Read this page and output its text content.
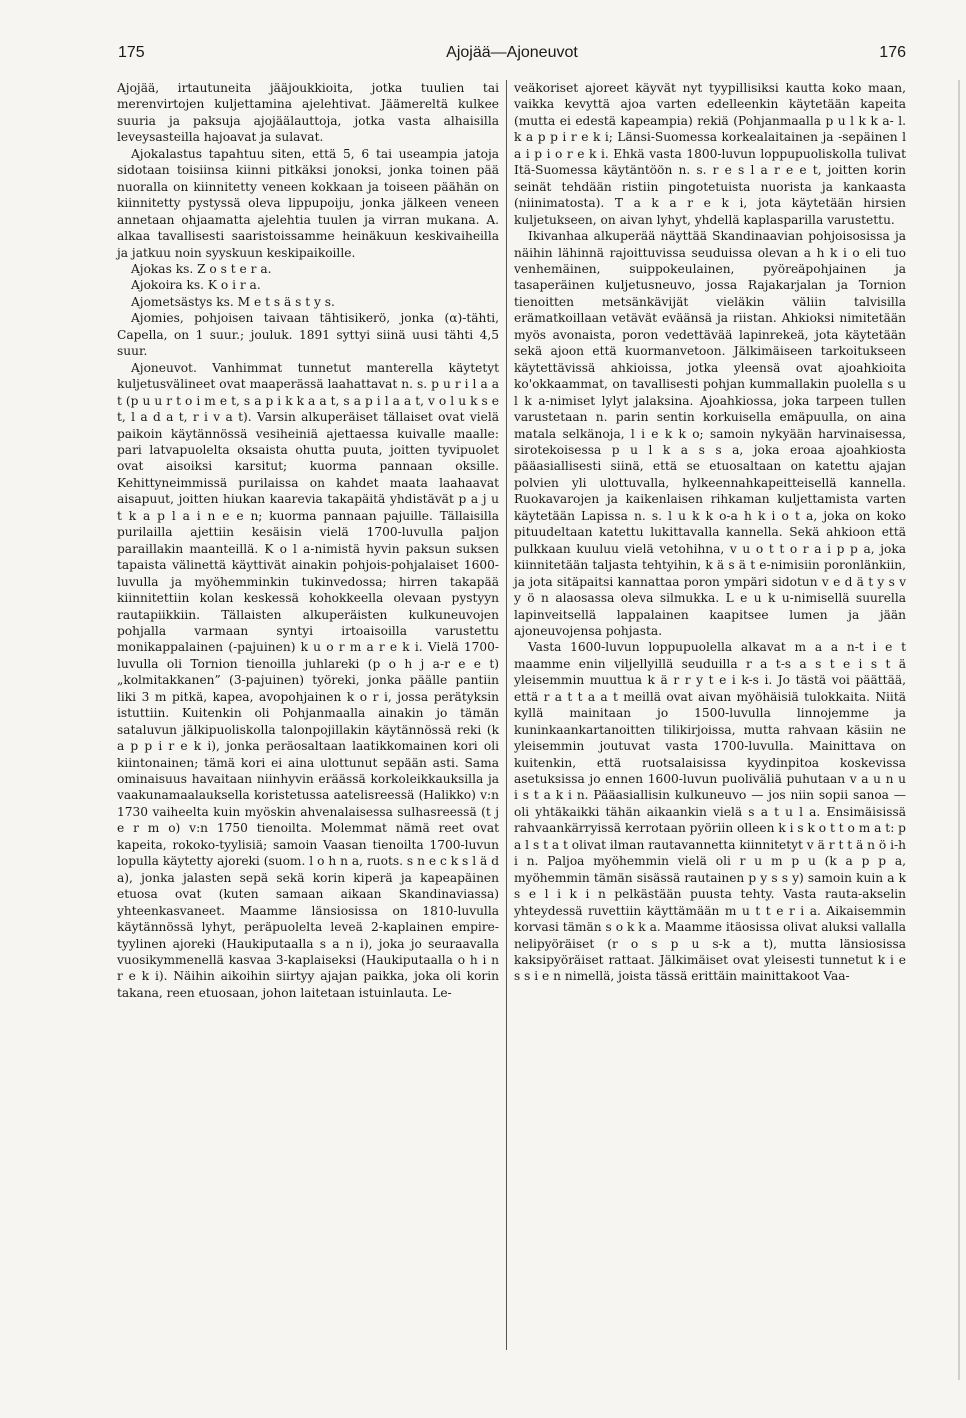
175	Ajojää—Ajoneuvot	176

Ajojää, irtautuneita jääjoukkioita, jotka tuulien tai merenvirtojen kuljettamina ajelehtivat. Jäämereltä kulkee suuria ja paksuja ajojäälauttoja, jotka vasta alhaisilla leveysasteilla hajoavat ja sulavat.

Ajokalastus tapahtuu siten, että 5, 6 tai useampia jatoja sidotaan toisiinsa kiinni pitkäksi jonoksi, jonka toinen pää nuoralla on kiinnitetty veneen kokkaan ja toiseen päähän on kiinnitetty pystyssä oleva lippupoiju, jonka jälkeen veneen annetaan ohjaamatta ajelehtia tuulen ja virran mukana. A. alkaa tavallisesti saaristoissamme heinäkuun keskivaiheilla ja jatkuu noin syyskuun keskipaikoille.

Ajokas ks. Z o s t e r a.

Ajokoira ks. K o i r a.

Ajometsästys ks. M e t s ä s t y s.

Ajomies, pohjoisen taivaan tähtisikerö, jonka (α)-tähti, Capella, on 1 suur.; jouluk. 1891 syttyi siinä uusi tähti 4,5 suur.

Ajoneuvot. Vanhimmat tunnetut manterella käytetyt kuljetusvälineet ovat maaperässä laahattavat n. s. p u r i l a a t (p u u r t o i m e t, s a p i k k a a t, s a p i l a a t, v o l u k s e t, l a d a t, r i v a t). Varsin alkuperäiset tällaiset ovat vielä paikoin käytännössä vesiheiniä ajettaessa kuivalle maalle: pari latvapuolelta oksaista ohutta puuta, joitten tyvipuolet ovat aisoiksi karsitut; kuorma pannaan oksille. Kehittyneimmissä purilaissa on kahdet maata laahaavat aisapuut, joitten hiukan kaarevia takapäitä yhdistävät p a j u t k a p l a i n e e n; kuorma pannaan pajuille. Tällaisilla purilailla ajettiin kesäisin vielä 1700-luvulla paljon paraillakin maanteillä. K o l a-nimistä hyvin paksun suksen tapaista välinettä käyttivät ainakin pohjois-pohjalaiset 1600-luvulla ja myöhemminkin tukinvedossa; hirren takapää kiinnitettiin kolan keskessä kohokkeella olevaan pystyyn rautapiikkiin. Tällaisten alkuperäisten kulkuneuvojen pohjalla varmaan syntyi irtoaisoilla varustettu monikappalainen (-pajuinen) k u o r m a r e k i. Vielä 1700-luvulla oli Tornion tienoilla juhlareki (p o h j a-r e e t) „kolmitakkanen” (3-pajuinen) työreki, jonka päälle pantiin liki 3 m pitkä, kapea, avopohjainen k o r i, jossa perätyksin istuttiin. Kuitenkin oli Pohjanmaalla ainakin jo tämän sataluvun jälkipuoliskolla talonpojillakin käytännössä reki (k a p p i r e k i), jonka peräosaltaan laatikkomainen kori oli kiintonainen; tämä kori ei aina ulottunut sepään asti. Sama ominaisuus havaitaan niinhyvin eräässä korkoleikkauksilla ja vaakunamaalauksella koristetussa aatelisreessä (Halikko) v:n 1730 vaiheelta kuin myöskin ahvenalaisessa sulhasreessä (t j e r m o) v:n 1750 tienoilta. Molemmat nämä reet ovat kapeita, rokoko-tyylisiä; samoin Vaasan tienoilta 1700-luvun lopulla käytetty ajoreki (suom. l o h n a, ruots. s n e c k s l ä d a), jonka jalasten sepä sekä korin kiperä ja kapeapäinen etuosa ovat (kuten samaan aikaan Skandinaviassa) yhteenkasvaneet. Maamme länsiosissa on 1810-luvulla käytännössä lyhyt, peräpuolelta leveä 2-kaplainen empire-tyylinen ajoreki (Haukiputaalla s a n i), joka jo seuraavalla vuosikymmenellä kasvaa 3-kaplaiseksi (Haukiputaalla o h i n r e k i). Näihin aikoihin siirtyy ajajan paikka, joka oli korin takana, reen etuosaan, johon laitetaan istuinlauta. Le-

veäkoriset ajoreet käyvät nyt tyypillisiksi kautta koko maan, vaikka kevyttä ajoa varten edelleenkin käytetään kapeita (mutta ei edestä kapeampia) rekiä (Pohjanmaalla p u l k k a- l. k a p p i r e k i; Länsi-Suomessa korkealaitainen ja -sepäinen l a i p i o r e k i. Ehkä vasta 1800-luvun loppupuoliskolla tulivat Itä-Suomessa käytäntöön n. s. r e s l a r e e t, joitten korin seinät tehdään ristiin pingotetuista nuorista ja kankaasta (niinimatosta). T a k a r e k i, jota käytetään hirsien kuljetukseen, on aivan lyhyt, yhdellä kaplasparilla varustettu.

Ikivanhaa alkuperää näyttää Skandinaavian pohjoisosissa ja näihin lähinnä rajoittuvissa seuduissa olevan a h k i o eli tuo venhemäinen, suippokeulainen, pyöreäpohjainen ja tasaperäinen kuljetusneuvo, jossa Rajakarjalan ja Tornion tienoitten metsänkävijät vieläkin väliin talvisilla erämatkoillaan vetävät eväänsä ja riistan. Ahkioksi nimitetään myös avonaista, poron vedettävää lapinrekeä, jota käytetään sekä ajoon että kuormanvetoon. Jälkimäiseen tarkoitukseen käytettävissä ahkioissa, jotka yleensä ovat ajoahkioita ko'okkaammat, on tavallisesti pohjan kummallakin puolella s u l k a-nimiset lylyt jalaksina. Ajoahkiossa, joka tarpeen tullen varustetaan n. parin sentin korkuisella emäpuulla, on aina matala selkänoja, l i e k k o; samoin nykyään harvinaisessa, sirotekoisessa p u l k a s s a, joka eroaa ajoahkiosta pääasiallisesti siinä, että se etuosaltaan on katettu ajajan polvien yli ulottuvalla, hylkeennahkapeitteisellä kannella. Ruokavarojen ja kaikenlaisen rihkaman kuljettamista varten käytetään Lapissa n. s. l u k k o-a h k i o t a, joka on koko pituudeltaan katettu lukittavalla kannella. Sekä ahkioon että pulkkaan kuuluu vielä vetohihna, v u o t t o r a i p p a, joka kiinnitetään taljasta tehtyihin, k ä s ä t e-nimisiin poronlänkiin, ja jota sitäpaitsi kannattaa poron ympäri sidotun v e d ä t y s v y ö n alaosassa oleva silmukka. L e u k u-nimisellä suurella lapinveitsellä lappalainen kaapitsee lumen ja jään ajoneuvojensa pohjasta.

Vasta 1600-luvun loppupuolella alkavat m a a n-t i e t maamme enin viljellyillä seuduilla r a t-s a s t e i s t ä yleisemmin muuttua k ä r r y t e i k-s i. Jo tästä voi päättää, että r a t t a a t meillä ovat aivan myöhäisiä tulokkaita. Niitä kyllä mainitaan jo 1500-luvulla linnojemme ja kuninkaankartanoitten tilikirjoissa, mutta rahvaan käsiin ne yleisemmin joutuvat vasta 1700-luvulla. Mainittava on kuitenkin, että ruotsalaisissa kyydinpitoa koskevissa asetuksissa jo ennen 1600-luvun puoliväliä puhutaan v a u n u i s t a k i n. Pääasiallisin kulkuneuvo — jos niin sopii sanoa — oli yhtäkaikki tähän aikaankin vielä s a t u l a. Ensimäisissä rahvaankärryissä kerrotaan pyöriin olleen k i s k o t t o m a t: p a l s t a t olivat ilman rautavannetta kiinnitetyt v ä r t t ä n ö i-h i n. Paljoa myöhemmin vielä oli r u m p u (k a p p a, myöhemmin tämän sisässä rautainen p y s s y) samoin kuin a k s e l i k i n pelkästään puusta tehty. Vasta rauta-akselin yhteydessä ruvettiin käyttämään m u t t e r i a. Aikaisemmin korvasi tämän s o k k a. Maamme itäosissa olivat aluksi vallalla nelipyöräiset (r o s p u s-k a t), mutta länsiosissa kaksipyöräiset rattaat. Jälkimäiset ovat yleisesti tunnetut k i e s s i e n nimellä, joista tässä erittäin mainittakoot Vaa-
